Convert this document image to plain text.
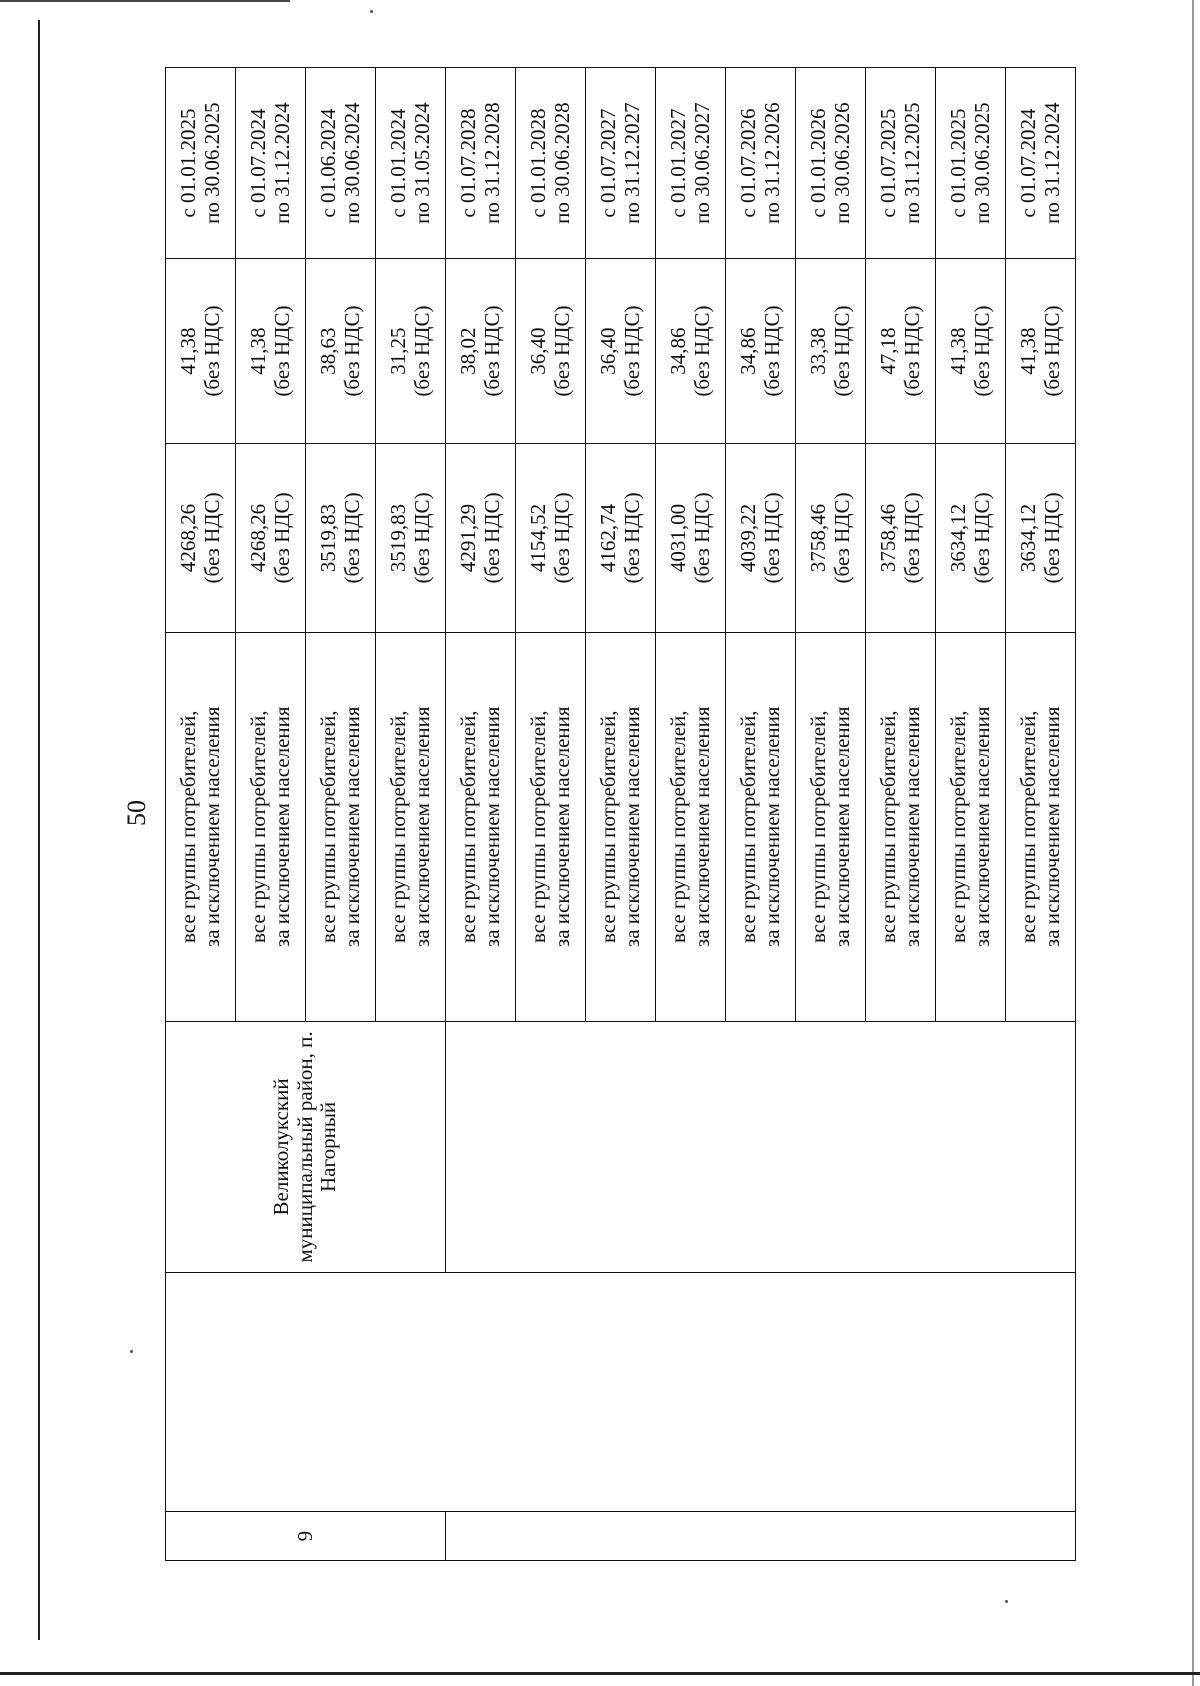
50
9		Великолукский муниципальный район, п. Нагорный	все группы потребителей, за исключением населения	4268,26 (без НДС)	41,38 (без НДС)	с 01.01.2025 по 30.06.2025

			все группы потребителей, за исключением населения	4268,26 (без НДС)	41,38 (без НДС)	с 01.07.2024 по 31.12.2024

			все группы потребителей, за исключением населения	3519,83 (без НДС)	38,63 (без НДС)	с 01.06.2024 по 30.06.2024

			все группы потребителей, за исключением населения	3519,83 (без НДС)	31,25 (без НДС)	с 01.01.2024 по 31.05.2024

			все группы потребителей, за исключением населения	4291,29 (без НДС)	38,02 (без НДС)	с 01.07.2028 по 31.12.2028

			все группы потребителей, за исключением населения	4154,52 (без НДС)	36,40 (без НДС)	с 01.01.2028 по 30.06.2028

			все группы потребителей, за исключением населения	4162,74 (без НДС)	36,40 (без НДС)	с 01.07.2027 по 31.12.2027

			все группы потребителей, за исключением населения	4031,00 (без НДС)	34,86 (без НДС)	с 01.01.2027 по 30.06.2027

			все группы потребителей, за исключением населения	4039,22 (без НДС)	34,86 (без НДС)	с 01.07.2026 по 31.12.2026

			все группы потребителей, за исключением населения	3758,46 (без НДС)	33,38 (без НДС)	с 01.01.2026 по 30.06.2026

			все группы потребителей, за исключением населения	3758,46 (без НДС)	47,18 (без НДС)	с 01.07.2025 по 31.12.2025

			все группы потребителей, за исключением населения	3634,12 (без НДС)	41,38 (без НДС)	с 01.01.2025 по 30.06.2025

			все группы потребителей, за исключением населения	3634,12 (без НДС)	41,38 (без НДС)	с 01.07.2024 по 31.12.2024
